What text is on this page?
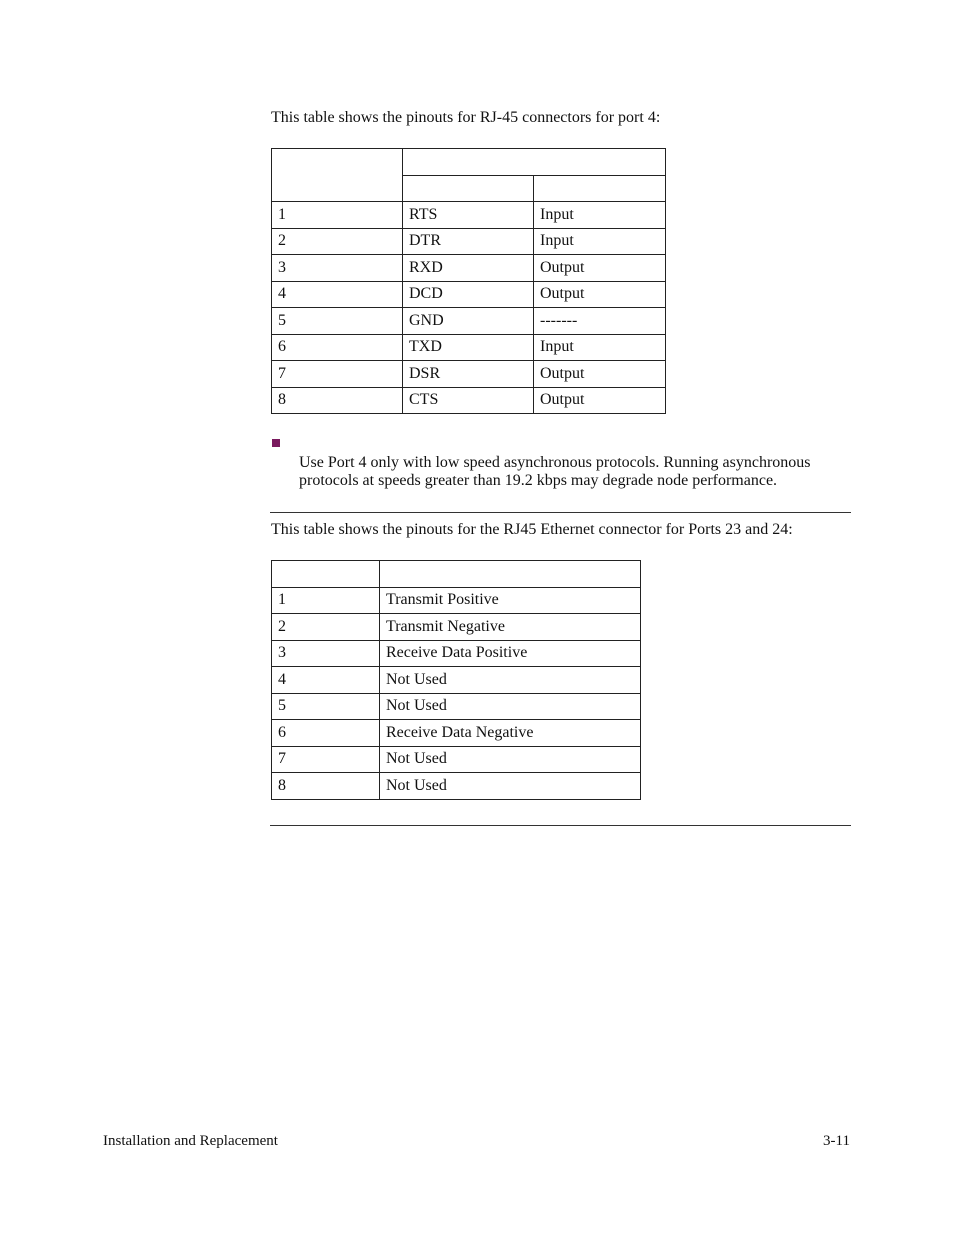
This table shows the pinouts for RJ-45 connectors for port 4:

1	RTS	Input
2	DTR	Input
3	RXD	Output
4	DCD	Output
5	GND	-------
6	TXD	Input
7	DSR	Output
8	CTS	Output
Use Port 4 only with low speed asynchronous protocols. Running asynchronous protocols at speeds greater than 19.2 kbps may degrade node performance.
This table shows the pinouts for the RJ45 Ethernet connector for Ports 23 and 24:

1	Transmit Positive
2	Transmit Negative
3	Receive Data Positive
4	Not Used
5	Not Used
6	Receive Data Negative
7	Not Used
8	Not Used
Installation and Replacement	3-11
